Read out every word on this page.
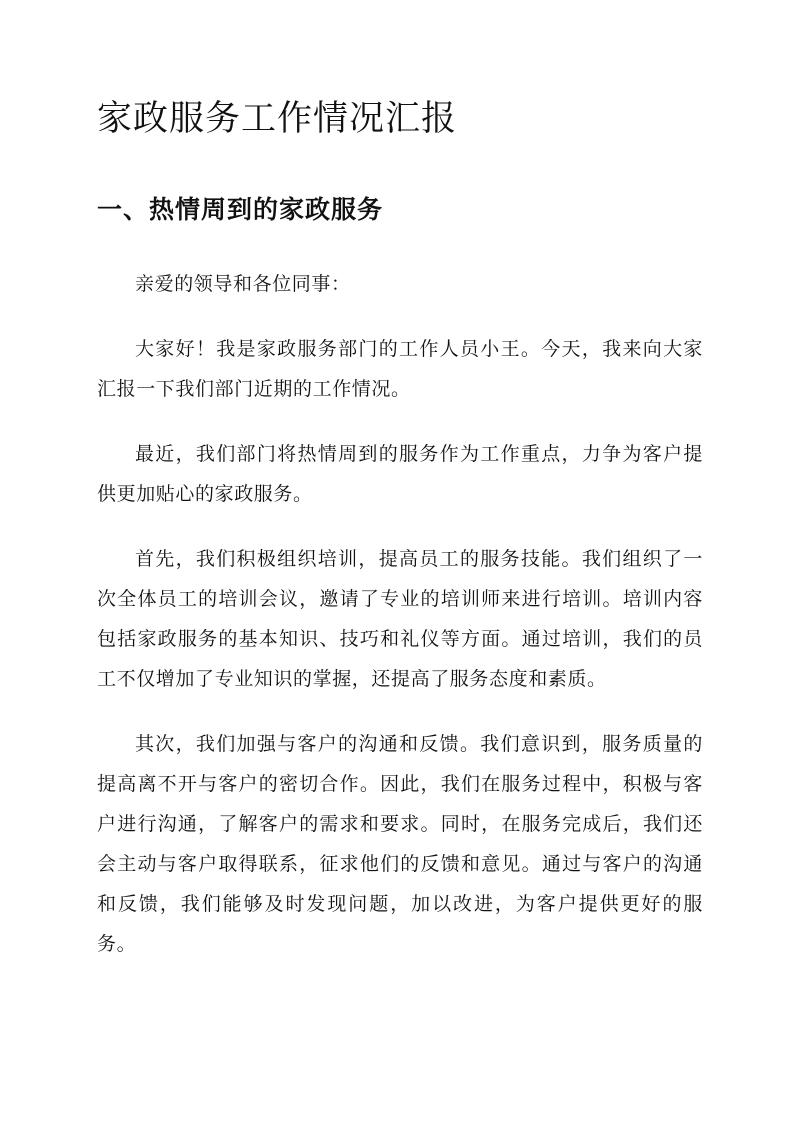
家政服务工作情况汇报
一、热情周到的家政服务

亲爱的领导和各位同事：

大家好！我是家政服务部门的工作人员小王。今天，我来向大家汇报一下我们部门近期的工作情况。

最近，我们部门将热情周到的服务作为工作重点，力争为客户提供更加贴心的家政服务。

首先，我们积极组织培训，提高员工的服务技能。我们组织了一次全体员工的培训会议，邀请了专业的培训师来进行培训。培训内容包括家政服务的基本知识、技巧和礼仪等方面。通过培训，我们的员工不仅增加了专业知识的掌握，还提高了服务态度和素质。

其次，我们加强与客户的沟通和反馈。我们意识到，服务质量的提高离不开与客户的密切合作。因此，我们在服务过程中，积极与客户进行沟通，了解客户的需求和要求。同时，在服务完成后，我们还会主动与客户取得联系，征求他们的反馈和意见。通过与客户的沟通和反馈，我们能够及时发现问题，加以改进，为客户提供更好的服务。
